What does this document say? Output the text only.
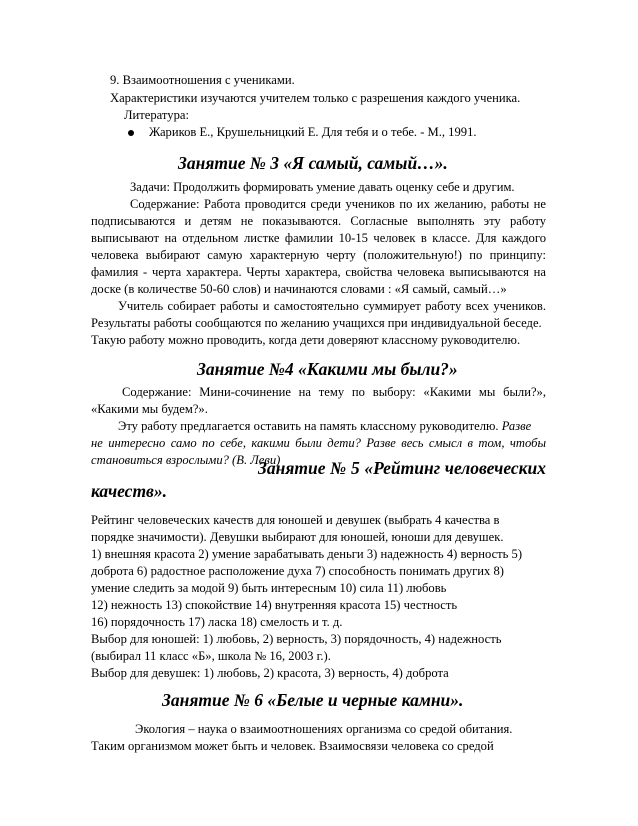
9. Взаимоотношения с учениками.
Характеристики изучаются учителем только с разрешения каждого ученика.
Литература:
Жариков Е., Крушельницкий Е. Для тебя и о тебе. - М., 1991.
Занятие № 3 «Я самый, самый…».
Задачи: Продолжить формировать умение давать оценку себе и другим.
Содержание: Работа проводится среди учеников по их желанию, работы не
подписываются и детям не показываются. Согласные выполнять эту работу
выписывают на отдельном листке фамилии 10-15 человек в классе. Для каждого
человека выбирают самую характерную черту (положительную!) по принципу:
фамилия - черта характера. Черты характера, свойства человека выписываются на
доске (в количестве 50-60 слов) и начинаются словами : «Я самый, самый…»
Учитель собирает работы и самостоятельно суммирует работу всех учеников.
Результаты работы сообщаются по желанию учащихся при индивидуальной беседе.
Такую работу можно проводить, когда дети доверяют классному руководителю.
Занятие №4 «Какими мы были?»
Содержание: Мини-сочинение на тему по выбору: «Какими мы были?»,
«Какими мы будем?».
Эту работу предлагается оставить на память классному руководителю. Разве
не интересно само по себе, какими были дети? Разве весь смысл в том, чтобы
становиться взрослыми? (В. Леви)
Занятие № 5 «Рейтинг человеческих
качеств».
Рейтинг человеческих качеств для юношей и девушек (выбрать 4 качества в
порядке значимости). Девушки выбирают для юношей, юноши для девушек.
1) внешняя красота 2) умение зарабатывать деньги 3) надежность 4) верность 5)
доброта 6) радостное расположение духа 7) способность понимать других 8)
умение следить за модой 9) быть интересным 10) сила 11) любовь
12) нежность 13) спокойствие 14) внутренняя красота 15) честность
16) порядочность 17) ласка 18) смелость и т. д.
Выбор для юношей: 1) любовь, 2) верность, 3) порядочность, 4) надежность
(выбирал 11 класс «Б», школа № 16, 2003 г.).
Выбор для девушек: 1) любовь, 2) красота, 3) верность, 4) доброта
Занятие № 6 «Белые и черные камни».
Экология – наука о взаимоотношениях организма со средой обитания.
Таким организмом может быть и человек. Взаимосвязи человека со средой
